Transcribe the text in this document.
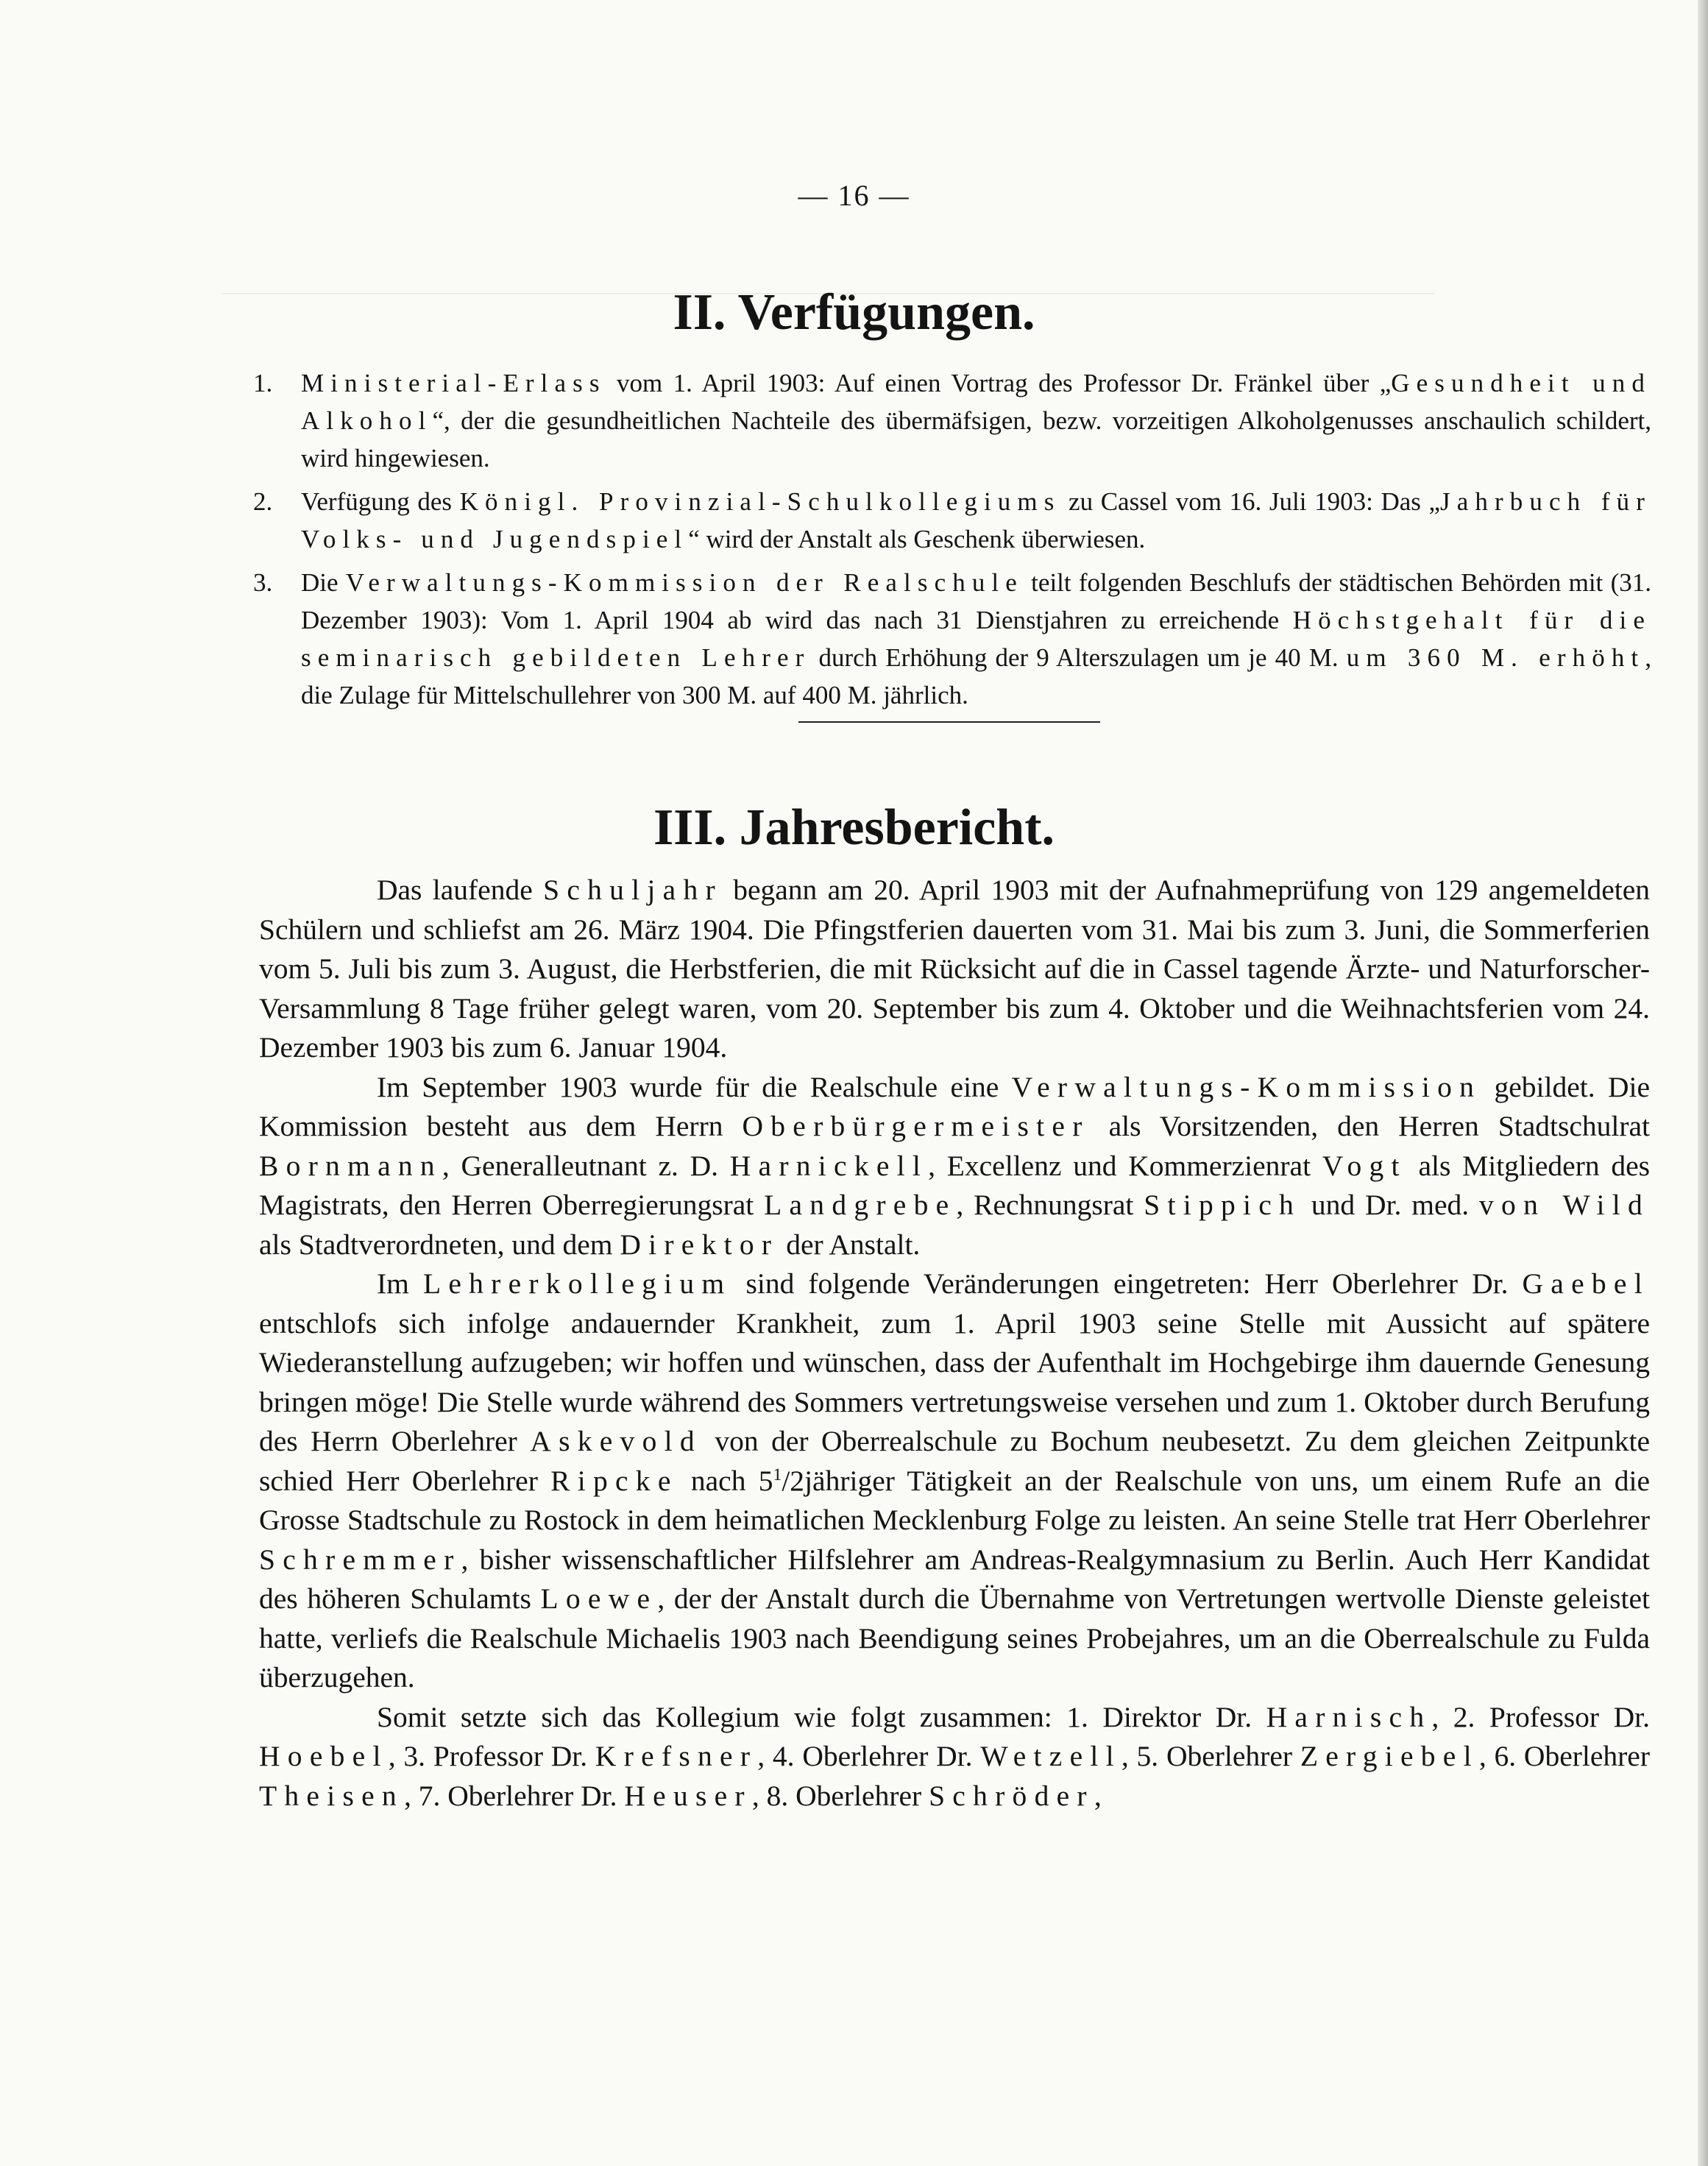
— 16 —
II. Verfügungen.
1. Ministerial-Erlass vom 1. April 1903: Auf einen Vortrag des Professor Dr. Fränkel über „Gesundheit und Alkohol“, der die gesundheitlichen Nachteile des übermäfsigen, bezw. vorzeitigen Alkoholgenusses anschaulich schildert, wird hingewiesen.
2. Verfügung des Königl. Provinzial-Schulkollegiums zu Cassel vom 16. Juli 1903: Das „Jahrbuch für Volks- und Jugendspiel“ wird der Anstalt als Geschenk überwiesen.
3. Die Verwaltungs-Kommission der Realschule teilt folgenden Beschlufs der städtischen Behörden mit (31. Dezember 1903): Vom 1. April 1904 ab wird das nach 31 Dienstjahren zu erreichende Höchstgehalt für die seminarisch gebildeten Lehrer durch Erhöhung der 9 Alterszulagen um je 40 M. um 360 M. erhöht, die Zulage für Mittelschullehrer von 300 M. auf 400 M. jährlich.
III. Jahresbericht.

Das laufende Schuljahr begann am 20. April 1903 mit der Aufnahmeprüfung von 129 angemeldeten Schülern und schliefst am 26. März 1904. Die Pfingstferien dauerten vom 31. Mai bis zum 3. Juni, die Sommerferien vom 5. Juli bis zum 3. August, die Herbstferien, die mit Rücksicht auf die in Cassel tagende Ärzte- und Naturforscher-Versammlung 8 Tage früher gelegt waren, vom 20. September bis zum 4. Oktober und die Weihnachtsferien vom 24. Dezember 1903 bis zum 6. Januar 1904.

Im September 1903 wurde für die Realschule eine Verwaltungs-Kommission gebildet. Die Kommission besteht aus dem Herrn Oberbürgermeister als Vorsitzenden, den Herren Stadtschulrat Bornmann, Generalleutnant z. D. Harnickell, Excellenz und Kommerzienrat Vogt als Mitgliedern des Magistrats, den Herren Oberregierungsrat Landgrebe, Rechnungsrat Stippich und Dr. med. von Wild als Stadtverordneten, und dem Direktor der Anstalt.

Im Lehrerkollegium sind folgende Veränderungen eingetreten: Herr Oberlehrer Dr. Gaebel entschlofs sich infolge andauernder Krankheit, zum 1. April 1903 seine Stelle mit Aussicht auf spätere Wiederanstellung aufzugeben; wir hoffen und wünschen, dass der Aufenthalt im Hochgebirge ihm dauernde Genesung bringen möge! Die Stelle wurde während des Sommers vertretungsweise versehen und zum 1. Oktober durch Berufung des Herrn Oberlehrer Askevold von der Oberrealschule zu Bochum neubesetzt. Zu dem gleichen Zeitpunkte schied Herr Oberlehrer Ripcke nach $5^1/2jähriger$ Tätigkeit an der Realschule von uns, um einem Rufe an die Grosse Stadtschule zu Rostock in dem heimatlichen Mecklenburg Folge zu leisten. An seine Stelle trat Herr Oberlehrer Schremmer, bisher wissenschaftlicher Hilfslehrer am Andreas-Realgymnasium zu Berlin. Auch Herr Kandidat des höheren Schulamts Loewe, der der Anstalt durch die Übernahme von Vertretungen wertvolle Dienste geleistet hatte, verliefs die Realschule Michaelis 1903 nach Beendigung seines Probejahres, um an die Oberrealschule zu Fulda überzugehen.

Somit setzte sich das Kollegium wie folgt zusammen: 1. Direktor Dr. Harnisch, 2. Professor Dr. Hoebel, 3. Professor Dr. Krefsner, 4. Oberlehrer Dr. Wetzell, 5. Oberlehrer Zergiebel, 6. Oberlehrer Theisen, 7. Oberlehrer Dr. Heuser, 8. Oberlehrer Schröder,
